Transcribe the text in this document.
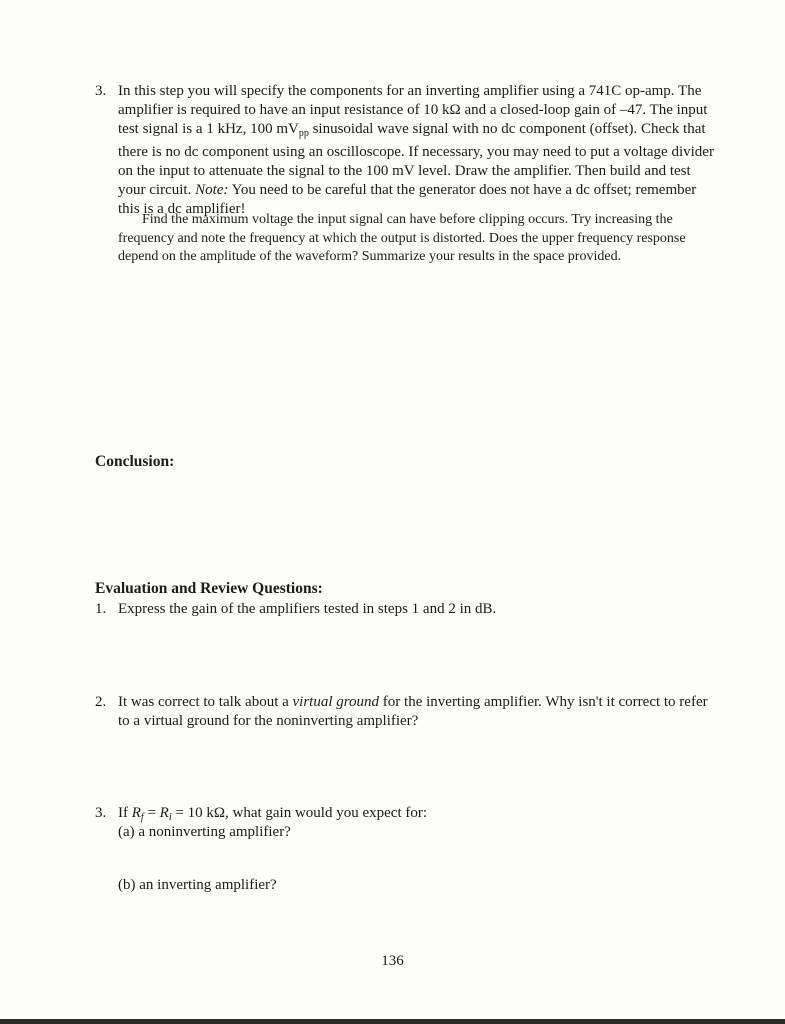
3. In this step you will specify the components for an inverting amplifier using a 741C op-amp. The amplifier is required to have an input resistance of 10 kΩ and a closed-loop gain of –47. The input test signal is a 1 kHz, 100 $mV_{pp}$ sinusoidal wave signal with no dc component (offset). Check that there is no dc component using an oscilloscope. If necessary, you may need to put a voltage divider on the input to attenuate the signal to the 100 mV level. Draw the amplifier. Then build and test your circuit. Note: You need to be careful that the generator does not have a dc offset; remember this is a dc amplifier!
Find the maximum voltage the input signal can have before clipping occurs. Try increasing the frequency and note the frequency at which the output is distorted. Does the upper frequency response depend on the amplitude of the waveform? Summarize your results in the space provided.
Conclusion:
Evaluation and Review Questions:
1. Express the gain of the amplifiers tested in steps 1 and 2 in dB.
2. It was correct to talk about a virtual ground for the inverting amplifier. Why isn't it correct to refer to a virtual ground for the noninverting amplifier?
3. If $R_f = R_i = 10$ kΩ, what gain would you expect for:
(a) a noninverting amplifier?
(b) an inverting amplifier?
136
